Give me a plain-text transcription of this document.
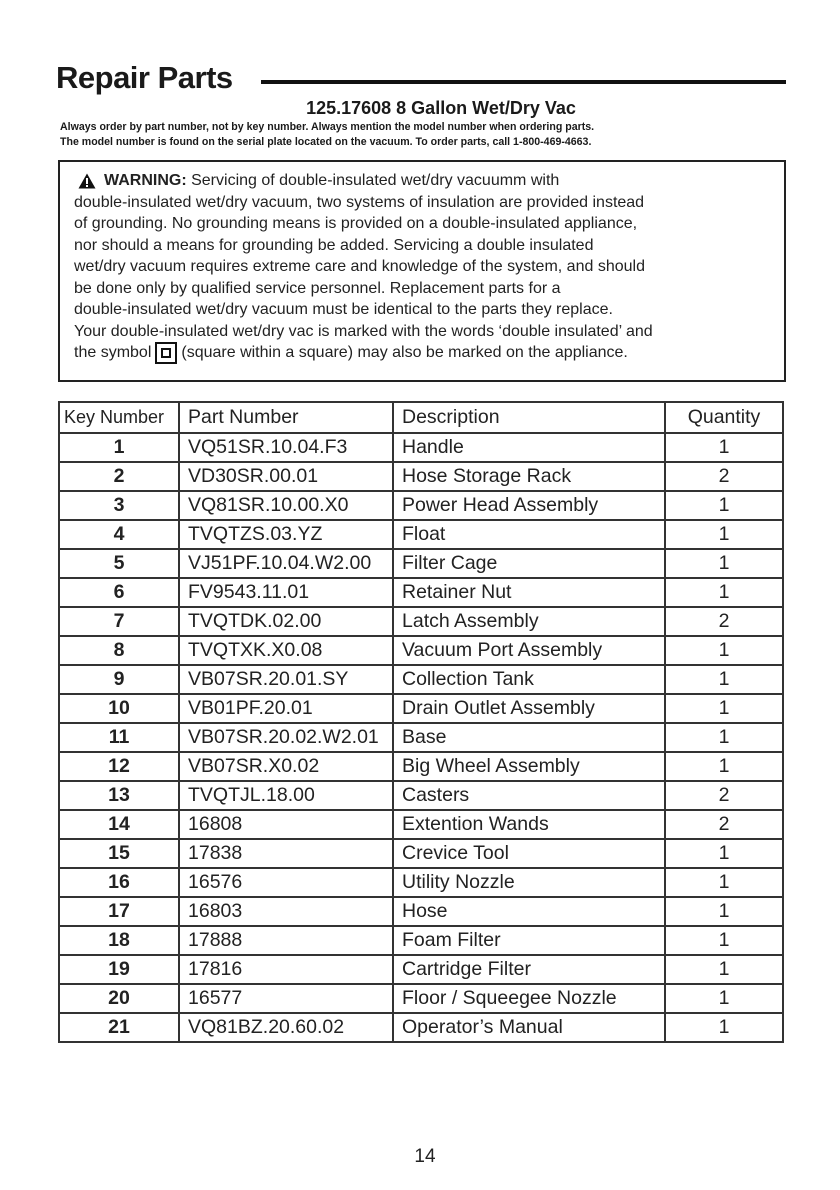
Repair Parts
125.17608 8 Gallon Wet/Dry Vac
Always order by part number, not by key number. Always mention the model number when ordering parts.
The model number is found on the serial plate located on the vacuum. To order parts, call 1-800-469-4663.
WARNING:
Servicing of double-insulated wet/dry vacuumm with
double-insulated wet/dry vacuum, two systems of insulation are provided instead
of grounding. No grounding means is provided on a double-insulated appliance,
nor should a means for grounding be added. Servicing a double insulated
wet/dry vacuum requires extreme care and knowledge of the system, and should
be done only by qualified service personnel. Replacement parts for a
double-insulated wet/dry vacuum must be identical to the parts they replace.
Your double-insulated wet/dry vac is marked with the words ‘double insulated’ and
the symbol (square within a square) may also be marked on the appliance.
Key Number	Part Number	Description	Quantity
1	VQ51SR.10.04.F3	Handle	1
2	VD30SR.00.01	Hose Storage Rack	2
3	VQ81SR.10.00.X0	Power Head Assembly	1
4	TVQTZS.03.YZ	Float	1
5	VJ51PF.10.04.W2.00	Filter Cage	1
6	FV9543.11.01	Retainer Nut	1
7	TVQTDK.02.00	Latch Assembly	2
8	TVQTXK.X0.08	Vacuum Port Assembly	1
9	VB07SR.20.01.SY	Collection Tank	1
10	VB01PF.20.01	Drain Outlet Assembly	1
11	VB07SR.20.02.W2.01	Base	1
12	VB07SR.X0.02	Big Wheel Assembly	1
13	TVQTJL.18.00	Casters	2
14	16808	Extention Wands	2
15	17838	Crevice Tool	1
16	16576	Utility Nozzle	1
17	16803	Hose	1
18	17888	Foam Filter	1
19	17816	Cartridge Filter	1
20	16577	Floor / Squeegee Nozzle	1
21	VQ81BZ.20.60.02	Operator’s Manual	1
14
